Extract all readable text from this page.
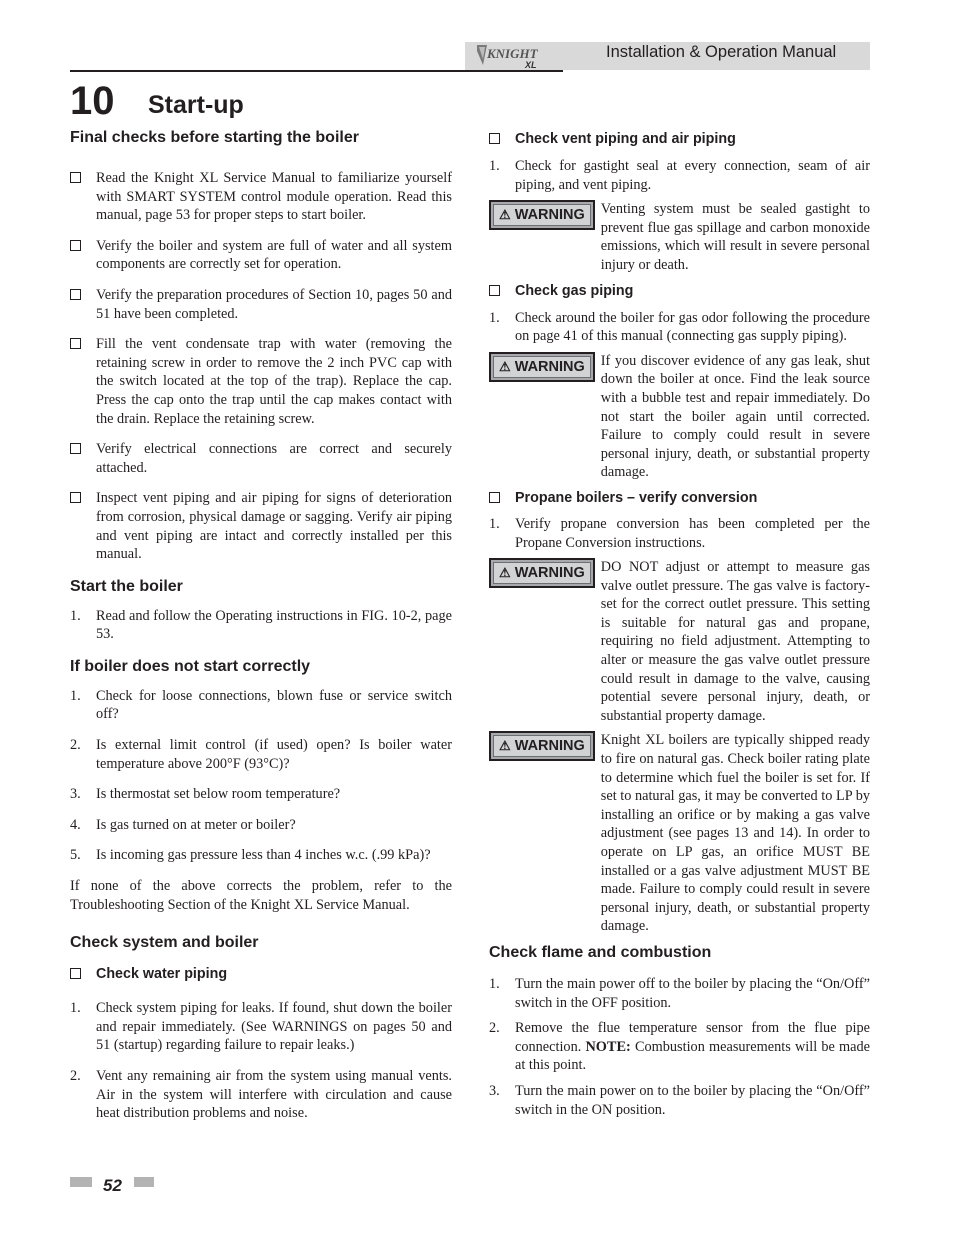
KNIGHT
XL
Installation & Operation Manual
10 Start-up
Final checks before starting the boiler

Read the Knight XL Service Manual to familiarize yourself with SMART SYSTEM control module operation. Read this manual, page 53 for proper steps to start boiler.

Verify the boiler and system are full of water and all system components are correctly set for operation.

Verify the preparation procedures of Section 10, pages 50 and 51 have been completed.

Fill the vent condensate trap with water (removing the retaining screw in order to remove the 2 inch PVC cap with the switch located at the top of the trap). Replace the cap. Press the cap onto the trap until the cap makes contact with the drain. Replace the retaining screw.

Verify electrical connections are correct and securely attached.

Inspect vent piping and air piping for signs of deterioration from corrosion, physical damage or sagging. Verify air piping and vent piping are intact and correctly installed per this manual.

Start the boiler
1. Read and follow the Operating instructions in FIG. 10-2, page 53.

If boiler does not start correctly
1. Check for loose connections, blown fuse or service switch off?

2. Is external limit control (if used) open? Is boiler water temperature above 200°F (93°C)?

3. Is thermostat set below room temperature?

4. Is gas turned on at meter or boiler?

5. Is incoming gas pressure less than 4 inches w.c. (.99 kPa)?

If none of the above corrects the problem, refer to the Troubleshooting Section of the Knight XL Service Manual.

Check system and boiler
Check water piping
1. Check system piping for leaks. If found, shut down the boiler and repair immediately. (See WARNINGS on pages 50 and 51 (startup) regarding failure to repair leaks.)

2. Vent any remaining air from the system using manual vents. Air in the system will interfere with circulation and cause heat distribution problems and noise.

Check vent piping and air piping
1. Check for gastight seal at every connection, seam of air piping, and vent piping.

⚠ WARNING	Venting system must be sealed gastight to prevent flue gas spillage and carbon monoxide emissions, which will result in severe personal injury or death.

Check gas piping
1. Check around the boiler for gas odor following the procedure on page 41 of this manual (connecting gas supply piping).

⚠ WARNING	If you discover evidence of any gas leak, shut down the boiler at once. Find the leak source with a bubble test and repair immediately. Do not start the boiler again until corrected. Failure to comply could result in severe personal injury, death, or substantial property damage.

Propane boilers – verify conversion
1. Verify propane conversion has been completed per the Propane Conversion instructions.

⚠ WARNING	DO NOT adjust or attempt to measure gas valve outlet pressure. The gas valve is factory-set for the correct outlet pressure. This setting is suitable for natural gas and propane, requiring no field adjustment. Attempting to alter or measure the gas valve outlet pressure could result in damage to the valve, causing potential severe personal injury, death, or substantial property damage.

⚠ WARNING	Knight XL boilers are typically shipped ready to fire on natural gas. Check boiler rating plate to determine which fuel the boiler is set for. If set to natural gas, it may be converted to LP by installing an orifice or by making a gas valve adjustment (see pages 13 and 14). In order to operate on LP gas, an orifice MUST BE installed or a gas valve adjustment MUST BE made. Failure to comply could result in severe personal injury, death, or substantial property damage.

Check flame and combustion
1. Turn the main power off to the boiler by placing the “On/Off” switch in the OFF position.

2. Remove the flue temperature sensor from the flue pipe connection. NOTE: Combustion measurements will be made at this point.

3. Turn the main power on to the boiler by placing the “On/Off” switch in the ON position.

52
